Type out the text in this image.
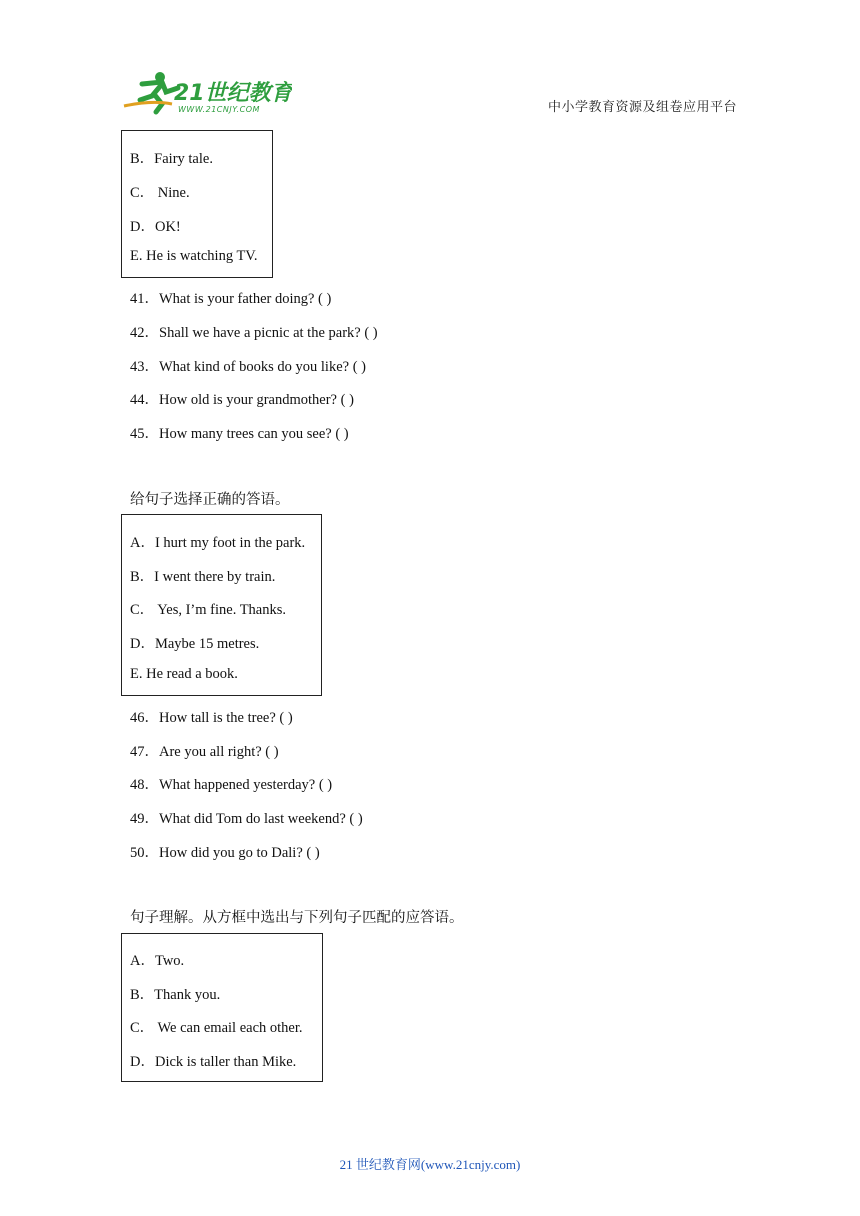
21世纪教育
WWW.21CNJY.COM	中小学教育资源及组卷应用平台
B．Fairy tale.
C． Nine.
D．OK!
E. He is watching TV.
41．What is your father doing? ( )
42．Shall we have a picnic at the park? ( )
43．What kind of books do you like? ( )
44．How old is your grandmother? ( )
45．How many trees can you see? ( )
给句子选择正确的答语。
A．I hurt my foot in the park.
B．I went there by train.
C． Yes, I’m fine. Thanks.
D．Maybe 15 metres.
E. He read a book.
46．How tall is the tree? ( )
47．Are you all right? ( )
48．What happened yesterday? ( )
49．What did Tom do last weekend? ( )
50．How did you go to Dali? ( )
句子理解。从方框中选出与下列句子匹配的应答语。
A．Two.
B．Thank you.
C． We can email each other.
D．Dick is taller than Mike.
21 世纪教育网(www.21cnjy.com)
